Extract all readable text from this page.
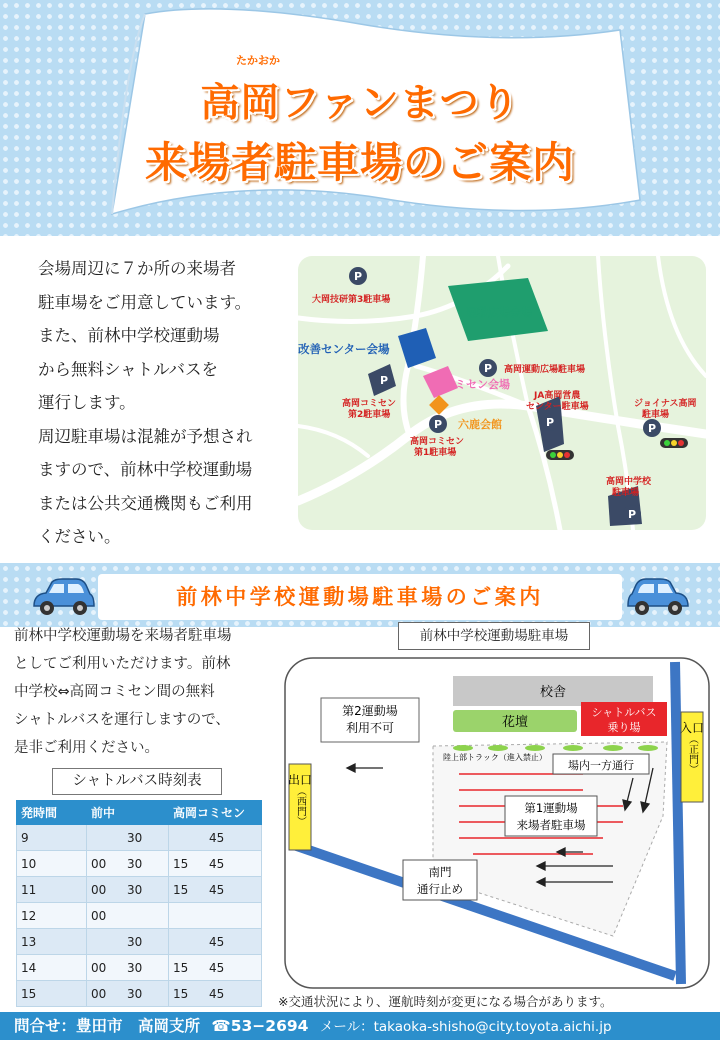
たかおか
高岡ファンまつり
来場者駐車場のご案内
会場周辺に７か所の来場者
駐車場をご用意しています。
また、前林中学校運動場
から無料シャトルバスを
運行します。
周辺駐車場は混雑が予想され
ますので、前林中学校運動場
または公共交通機関もご利用
ください。
P
P
P
P	P
P
P
大岡技研第3駐車場
高岡運動広場駐車場
高岡コミセン
第2駐車場
JA高岡営農
センター駐車場	ジョイナス高岡
駐車場
高岡コミセン
第1駐車場
高岡中学校
駐車場
運動広場会場
改善センター会場
コミセン会場
六鹿会館
前林中学校運動場駐車場のご案内
前林中学校運動場を来場者駐車場
としてご利用いただけます。前林
中学校⇔高岡コミセン間の無料
シャトルバスを運行しますので、
是非ご利用ください。
シャトルバス時刻表
発時間	前中	高岡コミセン
9	30	45

10	00 30	15 45

11	00 30	15 45

12	00	

13	30	45

14	00 30	15 45

15	00 30	15 45
前林中学校運動場駐車場
校舎
花壇
シャトルバス
乗り場
第2運動場
利用不可
陸上部トラック（進入禁止）
場内一方通行
第1運動場
来場者駐車場
出口
（西門）
入口
（正門）
南門
通行止め
※交通状況により、運航時刻が変更になる場合があります。
問合せ：豊田市　高岡支所 ☎53−2694 メール：takaoka-shisho@city.toyota.aichi.jp
